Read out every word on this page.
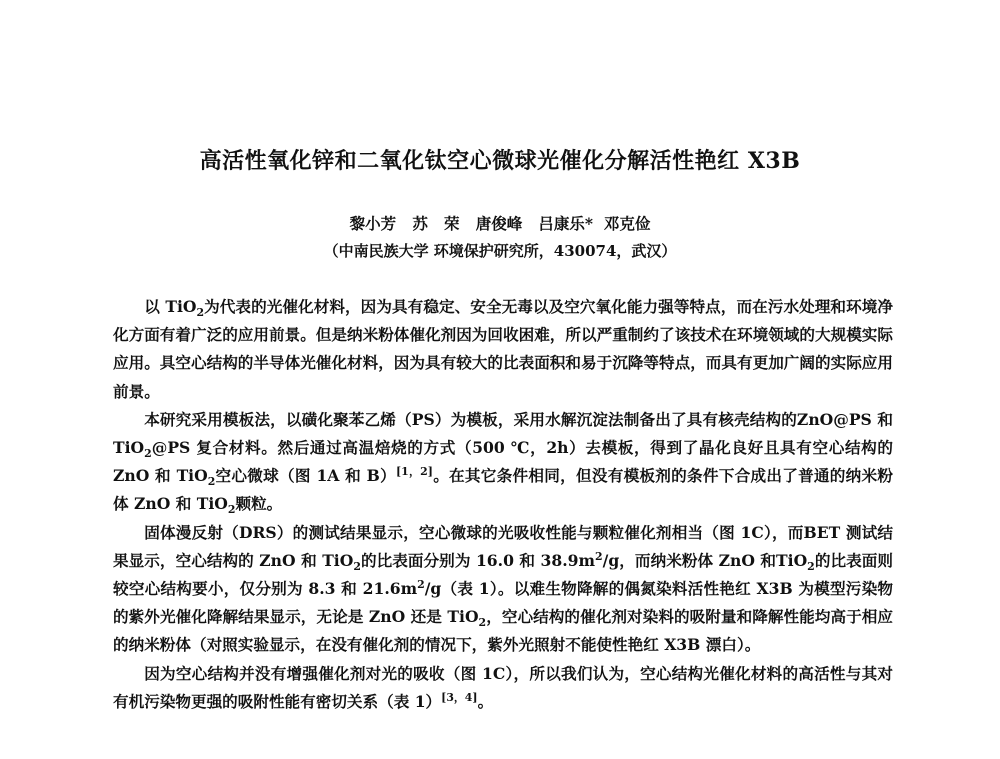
高活性氧化锌和二氧化钛空心微球光催化分解活性艳红 X3B
黎小芳   苏   荣   唐俊峰   吕康乐*  邓克俭
（中南民族大学 环境保护研究所，430074，武汉）

以 TiO$_2$为代表的光催化材料，因为具有稳定、安全无毒以及空穴氧化能力强等特点，而在污水处理和环境净化方面有着广泛的应用前景。但是纳米粉体催化剂因为回收困难，所以严重制约了该技术在环境领域的大规模实际应用。具空心结构的半导体光催化材料，因为具有较大的比表面积和易于沉降等特点，而具有更加广阔的实际应用前景。

本研究采用模板法，以磺化聚苯乙烯（PS）为模板，采用水解沉淀法制备出了具有核壳结构的ZnO@PS 和 TiO$_2$@PS 复合材料。然后通过高温焙烧的方式（500 ℃，2h）去模板，得到了晶化良好且具有空心结构的 ZnO 和 TiO$_2$空心微球（图 1A 和 B）[1，2]。在其它条件相同，但没有模板剂的条件下合成出了普通的纳米粉体 ZnO 和 TiO$_2$颗粒。

固体漫反射（DRS）的测试结果显示，空心微球的光吸收性能与颗粒催化剂相当（图 1C），而BET 测试结果显示，空心结构的 ZnO 和 TiO$_2$的比表面分别为 16.0 和 $38.9m^2/g$，而纳米粉体 ZnO 和TiO$_2$的比表面则较空心结构要小，仅分别为 8.3 和 $21.6m^2/g$（表 1）。以难生物降解的偶氮染料活性艳红 X3B 为模型污染物的紫外光催化降解结果显示，无论是 ZnO 还是 TiO$_2$，空心结构的催化剂对染料的吸附量和降解性能均高于相应的纳米粉体（对照实验显示，在没有催化剂的情况下，紫外光照射不能使性艳红 X3B 漂白）。

因为空心结构并没有增强催化剂对光的吸收（图 1C），所以我们认为，空心结构光催化材料的高活性与其对有机污染物更强的吸附性能有密切关系（表 1）[3，4]。
